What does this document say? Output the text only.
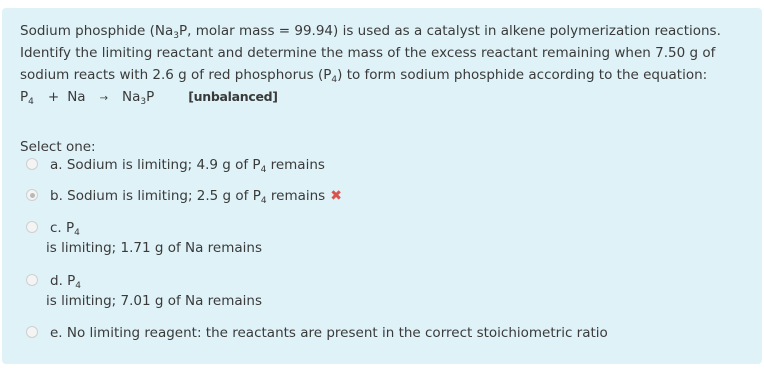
Sodium phosphide ($Na_3P$, molar mass = 99.94) is used as a catalyst in alkene polymerization reactions.
Identify the limiting reactant and determine the mass of the excess reactant remaining when 7.50 g of
sodium reacts with 2.6 g of red phosphorus $(P_4)$ to form sodium phosphide according to the equation:
$P_4 + Na \to Na_3P$	[unbalanced]
Select one:
a. Sodium is limiting; 4.9 g of $P_4$ remains
b. Sodium is limiting; 2.5 g of $P_4$ remains ✖
c. $P_4$
is limiting; 1.71 g of Na remains
d. $P_4$
is limiting; 7.01 g of Na remains
e. No limiting reagent: the reactants are present in the correct stoichiometric ratio
